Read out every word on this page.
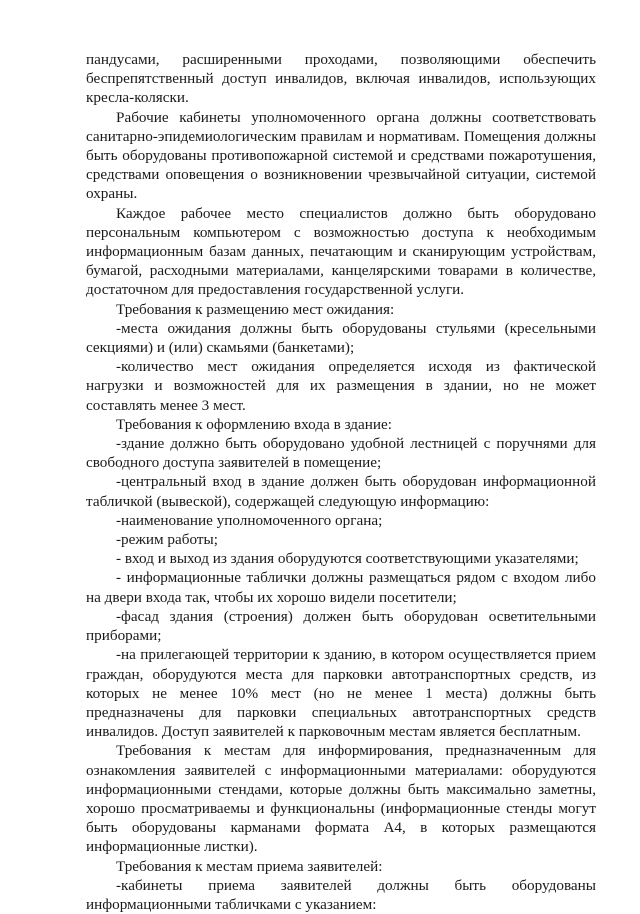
пандусами, расширенными проходами, позволяющими обеспечить беспрепятственный доступ инвалидов, включая инвалидов, использующих кресла-коляски.

Рабочие кабинеты уполномоченного органа должны соответствовать санитарно-эпидемиологическим правилам и нормативам. Помещения должны быть оборудованы противопожарной системой и средствами пожаротушения, средствами оповещения о возникновении чрезвычайной ситуации, системой охраны.

Каждое рабочее место специалистов должно быть оборудовано персональным компьютером с возможностью доступа к необходимым информационным базам данных, печатающим и сканирующим устройствам, бумагой, расходными материалами, канцелярскими товарами в количестве, достаточном для предоставления государственной услуги.

Требования к размещению мест ожидания:

-места ожидания должны быть оборудованы стульями (кресельными секциями) и (или) скамьями (банкетами);

-количество мест ожидания определяется исходя из фактической нагрузки и возможностей для их размещения в здании, но не может составлять менее 3 мест.

Требования к оформлению входа в здание:

-здание должно быть оборудовано удобной лестницей с поручнями для свободного доступа заявителей в помещение;

-центральный вход в здание должен быть оборудован информационной табличкой (вывеской), содержащей следующую информацию:

-наименование уполномоченного органа;

-режим работы;

- вход и выход из здания оборудуются соответствующими указателями;

- информационные таблички должны размещаться рядом с входом либо на двери входа так, чтобы их хорошо видели посетители;

-фасад здания (строения) должен быть оборудован осветительными приборами;

-на прилегающей территории к зданию, в котором осуществляется прием граждан, оборудуются места для парковки автотранспортных средств, из которых не менее 10% мест (но не менее 1 места) должны быть предназначены для парковки специальных автотранспортных средств инвалидов. Доступ заявителей к парковочным местам является бесплатным.

Требования к местам для информирования, предназначенным для ознакомления заявителей с информационными материалами: оборудуются информационными стендами, которые должны быть максимально заметны, хорошо просматриваемы и функциональны (информационные стенды могут быть оборудованы карманами формата А4, в которых размещаются информационные листки).

Требования к местам приема заявителей:

-кабинеты приема заявителей должны быть оборудованы информационными табличками с указанием:
